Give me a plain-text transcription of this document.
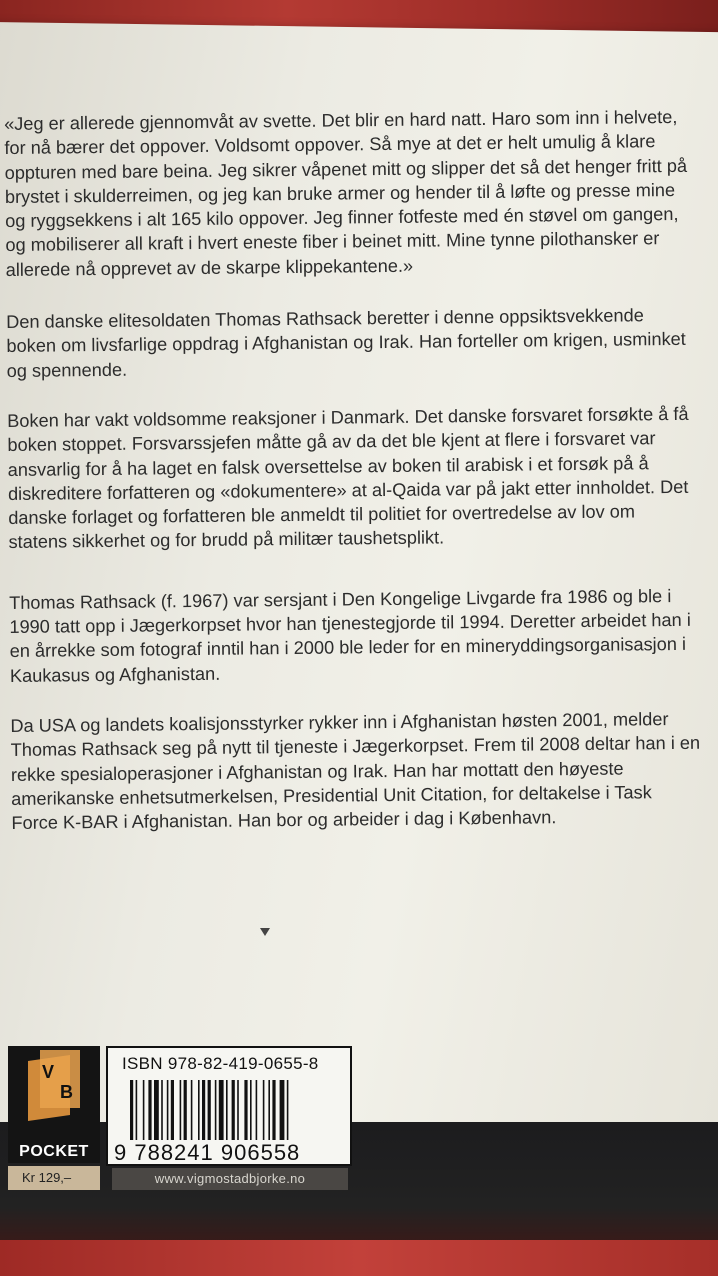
«Jeg er allerede gjennomvåt av svette. Det blir en hard natt. Haro som inn i helvete, for nå bærer det oppover. Voldsomt oppover. Så mye at det er helt umulig å klare oppturen med bare beina. Jeg sikrer våpenet mitt og slipper det så det henger fritt på brystet i skulderreimen, og jeg kan bruke armer og hender til å løfte og presse mine og ryggsekkens i alt 165 kilo oppover. Jeg finner fotfeste med én støvel om gangen, og mobiliserer all kraft i hvert eneste fiber i beinet mitt. Mine tynne pilothansker er allerede nå opprevet av de skarpe klippekantene.»

Den danske elitesoldaten Thomas Rathsack beretter i denne oppsiktsvekkende boken om livsfarlige oppdrag i Afghanistan og Irak. Han forteller om krigen, usminket og spennende.

Boken har vakt voldsomme reaksjoner i Danmark. Det danske forsvaret forsøkte å få boken stoppet. Forsvarssjefen måtte gå av da det ble kjent at flere i forsvaret var ansvarlig for å ha laget en falsk oversettelse av boken til arabisk i et forsøk på å diskreditere forfatteren og «dokumentere» at al-Qaida var på jakt etter innholdet. Det danske forlaget og forfatteren ble anmeldt til politiet for overtredelse av lov om statens sikkerhet og for brudd på militær taushetsplikt.

Thomas Rathsack (f. 1967) var sersjant i Den Kongelige Livgarde fra 1986 og ble i 1990 tatt opp i Jægerkorpset hvor han tjenestegjorde til 1994. Deretter arbeidet han i en årrekke som fotograf inntil han i 2000 ble leder for en mineryddingsorganisasjon i Kaukasus og Afghanistan.

Da USA og landets koalisjonsstyrker rykker inn i Afghanistan høsten 2001, melder Thomas Rathsack seg på nytt til tjeneste i Jægerkorpset. Frem til 2008 deltar han i en rekke spesialoperasjoner i Afghanistan og Irak. Han har mottatt den høyeste amerikanske enhetsutmerkelsen, Presidential Unit Citation, for deltakelse i Task Force K-BAR i Afghanistan. Han bor og arbeider i dag i København.

V
B
POCKET
Kr 129,–
ISBN 978-82-419-0655-8
9 788241 906558
www.vigmostadbjorke.no
